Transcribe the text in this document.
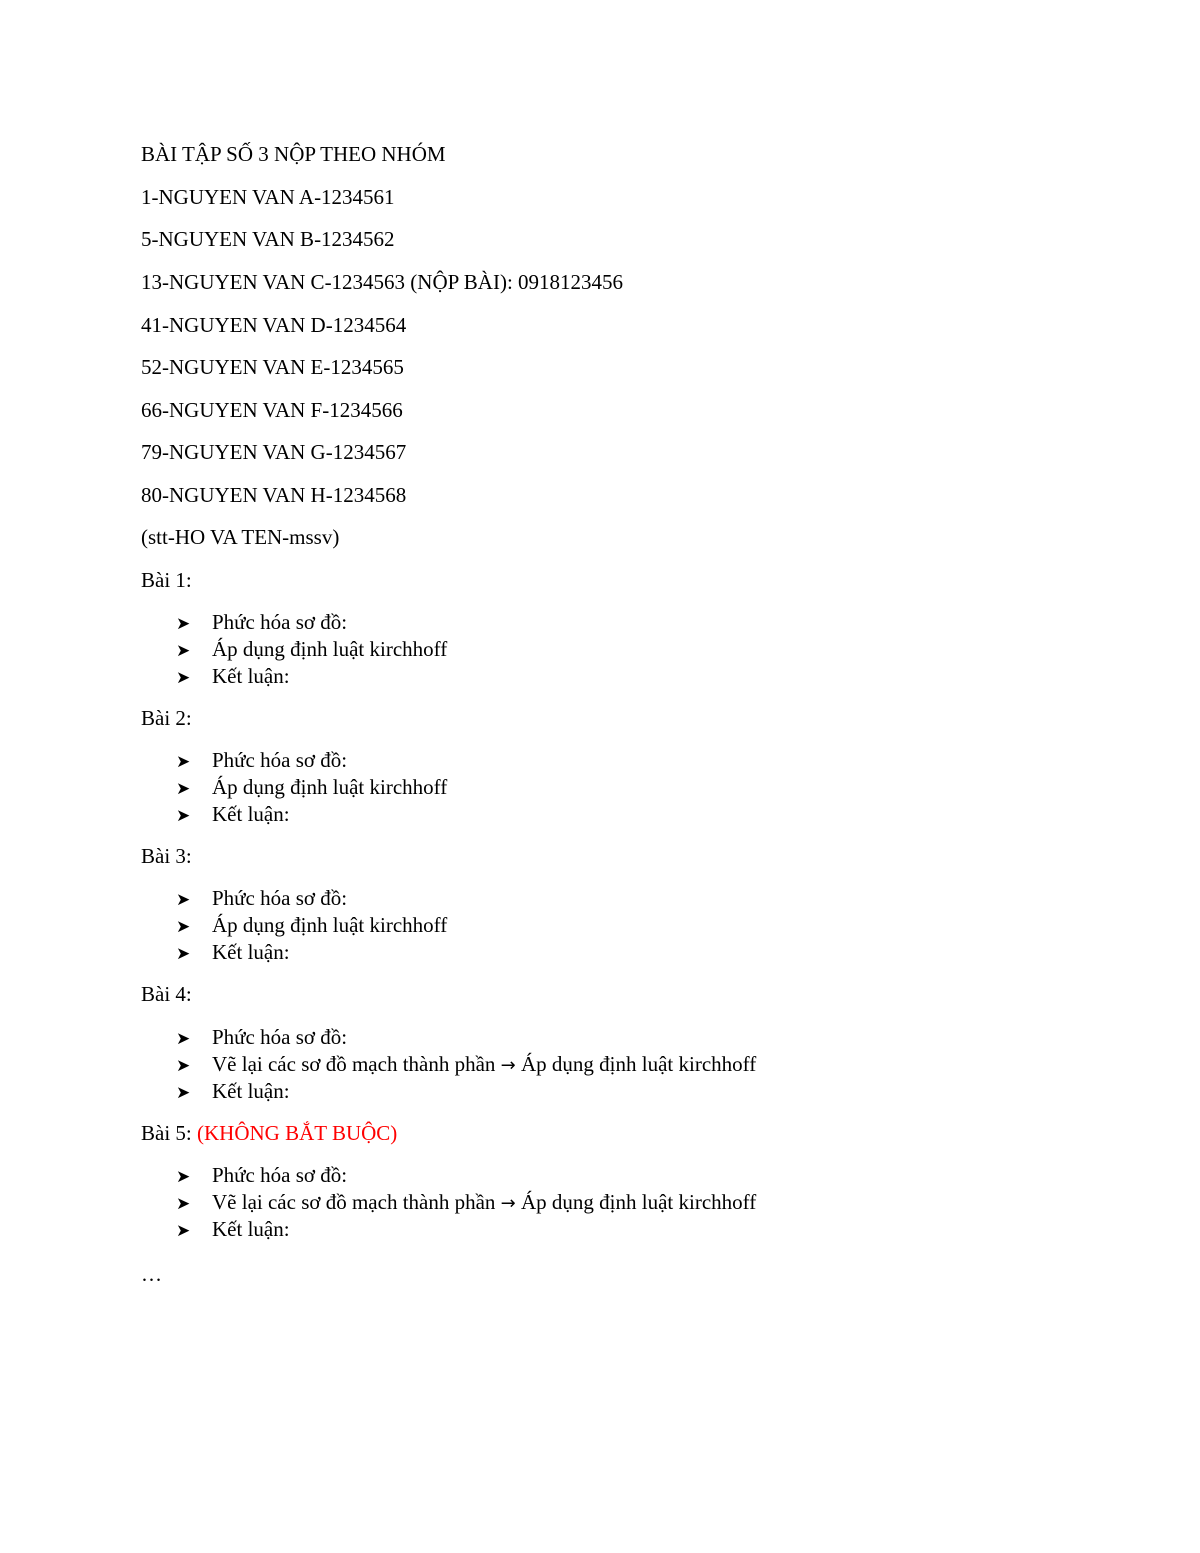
BÀI TẬP SỐ 3 NỘP THEO NHÓM
1-NGUYEN VAN A-1234561
5-NGUYEN VAN B-1234562
13-NGUYEN VAN C-1234563 (NỘP BÀI): 0918123456
41-NGUYEN VAN D-1234564
52-NGUYEN VAN E-1234565
66-NGUYEN VAN F-1234566
79-NGUYEN VAN G-1234567
80-NGUYEN VAN H-1234568
(stt-HO VA TEN-mssv)
Bài 1:
➤ Phức hóa sơ đồ:
➤ Áp dụng định luật kirchhoff
➤ Kết luận:
Bài 2:
➤ Phức hóa sơ đồ:
➤ Áp dụng định luật kirchhoff
➤ Kết luận:
Bài 3:
➤ Phức hóa sơ đồ:
➤ Áp dụng định luật kirchhoff
➤ Kết luận:
Bài 4:
➤ Phức hóa sơ đồ:
➤ Vẽ lại các sơ đồ mạch thành phần → Áp dụng định luật kirchhoff
➤ Kết luận:
Bài 5: (KHÔNG BẮT BUỘC)
➤ Phức hóa sơ đồ:
➤ Vẽ lại các sơ đồ mạch thành phần → Áp dụng định luật kirchhoff
➤ Kết luận:
…
